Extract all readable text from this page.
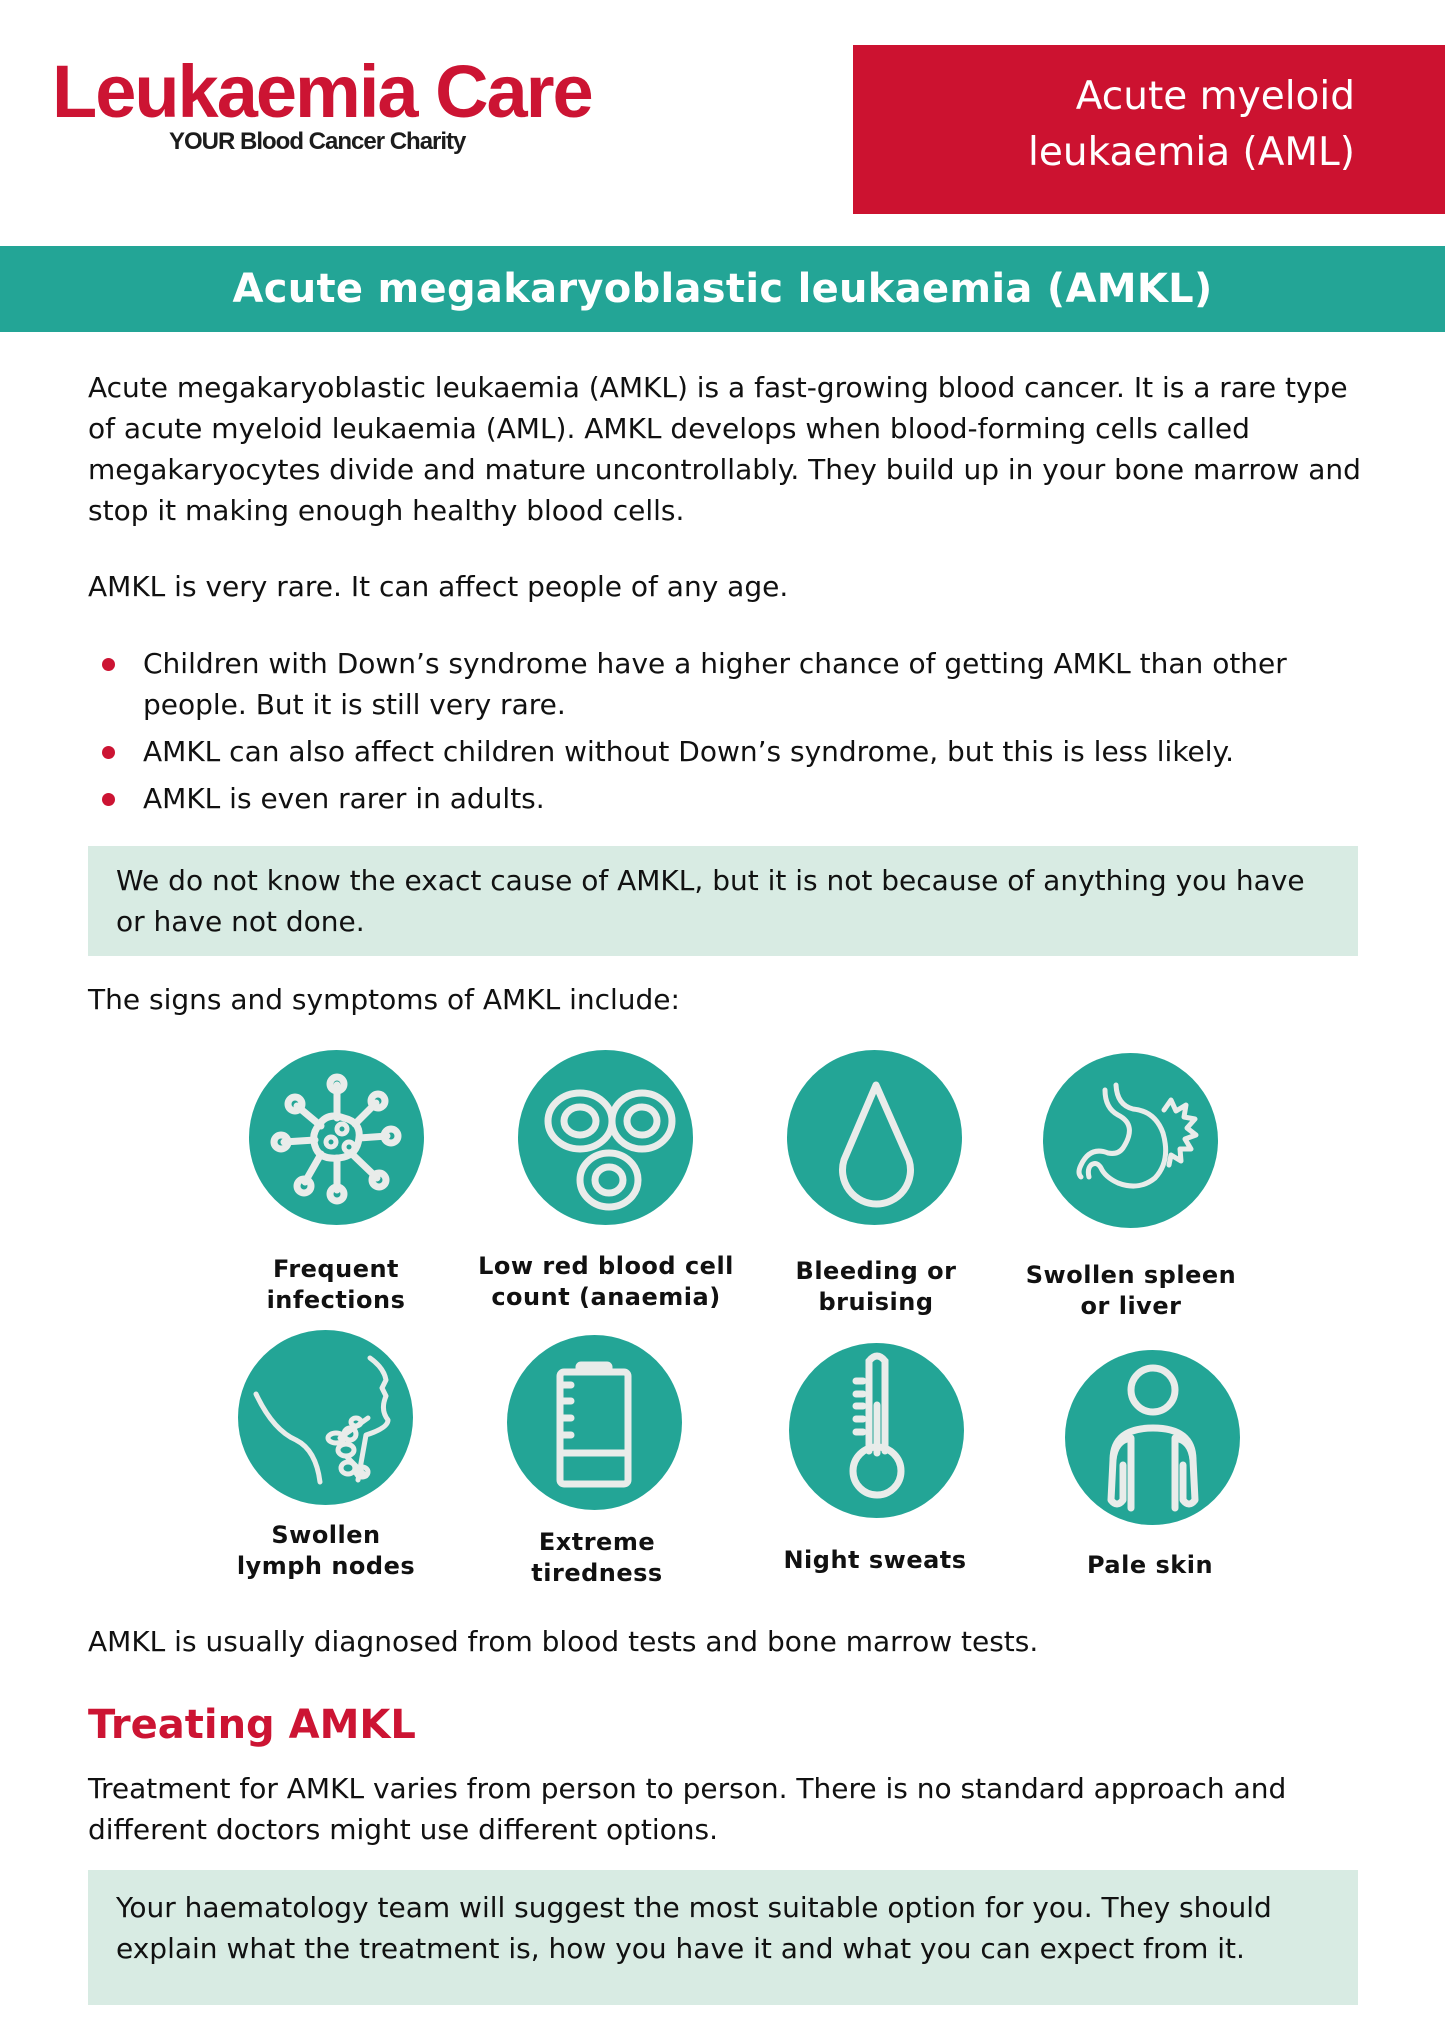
Leukaemia Care
YOUR Blood Cancer Charity
Acute myeloid
leukaemia (AML)
Acute megakaryoblastic leukaemia (AMKL)
Acute megakaryoblastic leukaemia (AMKL) is a fast-growing blood cancer. It is a rare type of acute myeloid leukaemia (AML). AMKL develops when blood-forming cells called megakaryocytes divide and mature uncontrollably. They build up in your bone marrow and stop it making enough healthy blood cells.
AMKL is very rare. It can affect people of any age.
Children with Down’s syndrome have a higher chance of getting AMKL than other people. But it is still very rare.
AMKL can also affect children without Down’s syndrome, but this is less likely.
AMKL is even rarer in adults.
We do not know the exact cause of AMKL, but it is not because of anything you have or have not done.
The signs and symptoms of AMKL include:
Frequent
infections
Low red blood cell
count (anaemia)
Bleeding or
bruising
Swollen spleen
or liver
Swollen
lymph nodes
Extreme
tiredness	Night sweats	Pale skin
AMKL is usually diagnosed from blood tests and bone marrow tests.
Treating AMKL
Treatment for AMKL varies from person to person. There is no standard approach and different doctors might use different options.
Your haematology team will suggest the most suitable option for you. They should explain what the treatment is, how you have it and what you can expect from it.
